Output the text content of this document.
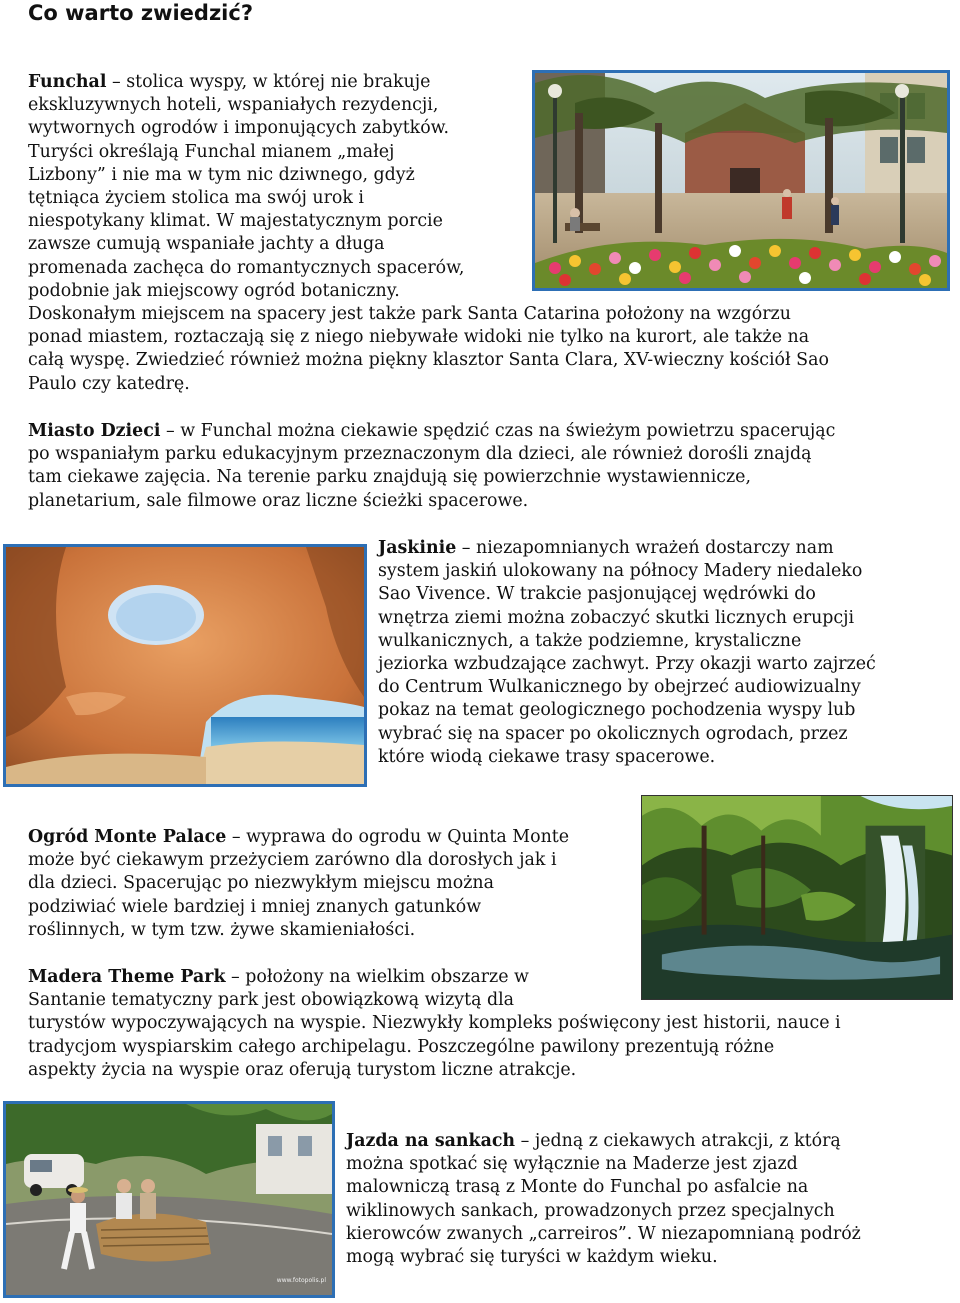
Co warto zwiedzić?
Funchal – stolica wyspy, w której nie brakuje
ekskluzywnych hoteli, wspaniałych rezydencji,
wytwornych ogrodów i imponujących zabytków.
Turyści określają Funchal mianem „małej
Lizbony” i nie ma w tym nic dziwnego, gdyż
tętniąca życiem stolica ma swój urok i
niespotykany klimat. W majestatycznym porcie
zawsze cumują wspaniałe jachty a długa
promenada zachęca do romantycznych spacerów,
podobnie jak miejscowy ogród botaniczny.
Doskonałym miejscem na spacery jest także park Santa Catarina położony na wzgórzu
ponad miastem, roztaczają się z niego niebywałe widoki nie tylko na kurort, ale także na
całą wyspę. Zwiedzieć również można piękny klasztor Santa Clara, XV-wieczny kościół Sao
Paulo czy katedrę.
Miasto Dzieci – w Funchal można ciekawie spędzić czas na świeżym powietrzu spacerując
po wspaniałym parku edukacyjnym przeznaczonym dla dzieci, ale również dorośli znajdą
tam ciekawe zajęcia. Na terenie parku znajdują się powierzchnie wystawiennicze,
planetarium, sale filmowe oraz liczne ścieżki spacerowe.
Jaskinie – niezapomnianych wrażeń dostarczy nam
system jaskiń ulokowany na północy Madery niedaleko
Sao Vivence. W trakcie pasjonującej wędrówki do
wnętrza ziemi można zobaczyć skutki licznych erupcji
wulkanicznych, a także podziemne, krystaliczne
jeziorka wzbudzające zachwyt. Przy okazji warto zajrzeć
do Centrum Wulkanicznego by obejrzeć audiowizualny
pokaz na temat geologicznego pochodzenia wyspy lub
wybrać się na spacer po okolicznych ogrodach, przez
które wiodą ciekawe trasy spacerowe.
Ogród Monte Palace – wyprawa do ogrodu w Quinta Monte
może być ciekawym przeżyciem zarówno dla dorosłych jak i
dla dzieci. Spacerując po niezwykłym miejscu można
podziwiać wiele bardziej i mniej znanych gatunków
roślinnych, w tym tzw. żywe skamieniałości.
Madera Theme Park – położony na wielkim obszarze w
Santanie tematyczny park jest obowiązkową wizytą dla
turystów wypoczywających na wyspie. Niezwykły kompleks poświęcony jest historii, nauce i
tradycjom wyspiarskim całego archipelagu. Poszczególne pawilony prezentują różne
aspekty życia na wyspie oraz oferują turystom liczne atrakcje.
www.fotopolis.pl
Jazda na sankach – jedną z ciekawych atrakcji, z którą
można spotkać się wyłącznie na Maderze jest zjazd
malowniczą trasą z Monte do Funchal po asfalcie na
wiklinowych sankach, prowadzonych przez specjalnych
kierowców zwanych „carreiros”. W niezapomnianą podróż
mogą wybrać się turyści w każdym wieku.
